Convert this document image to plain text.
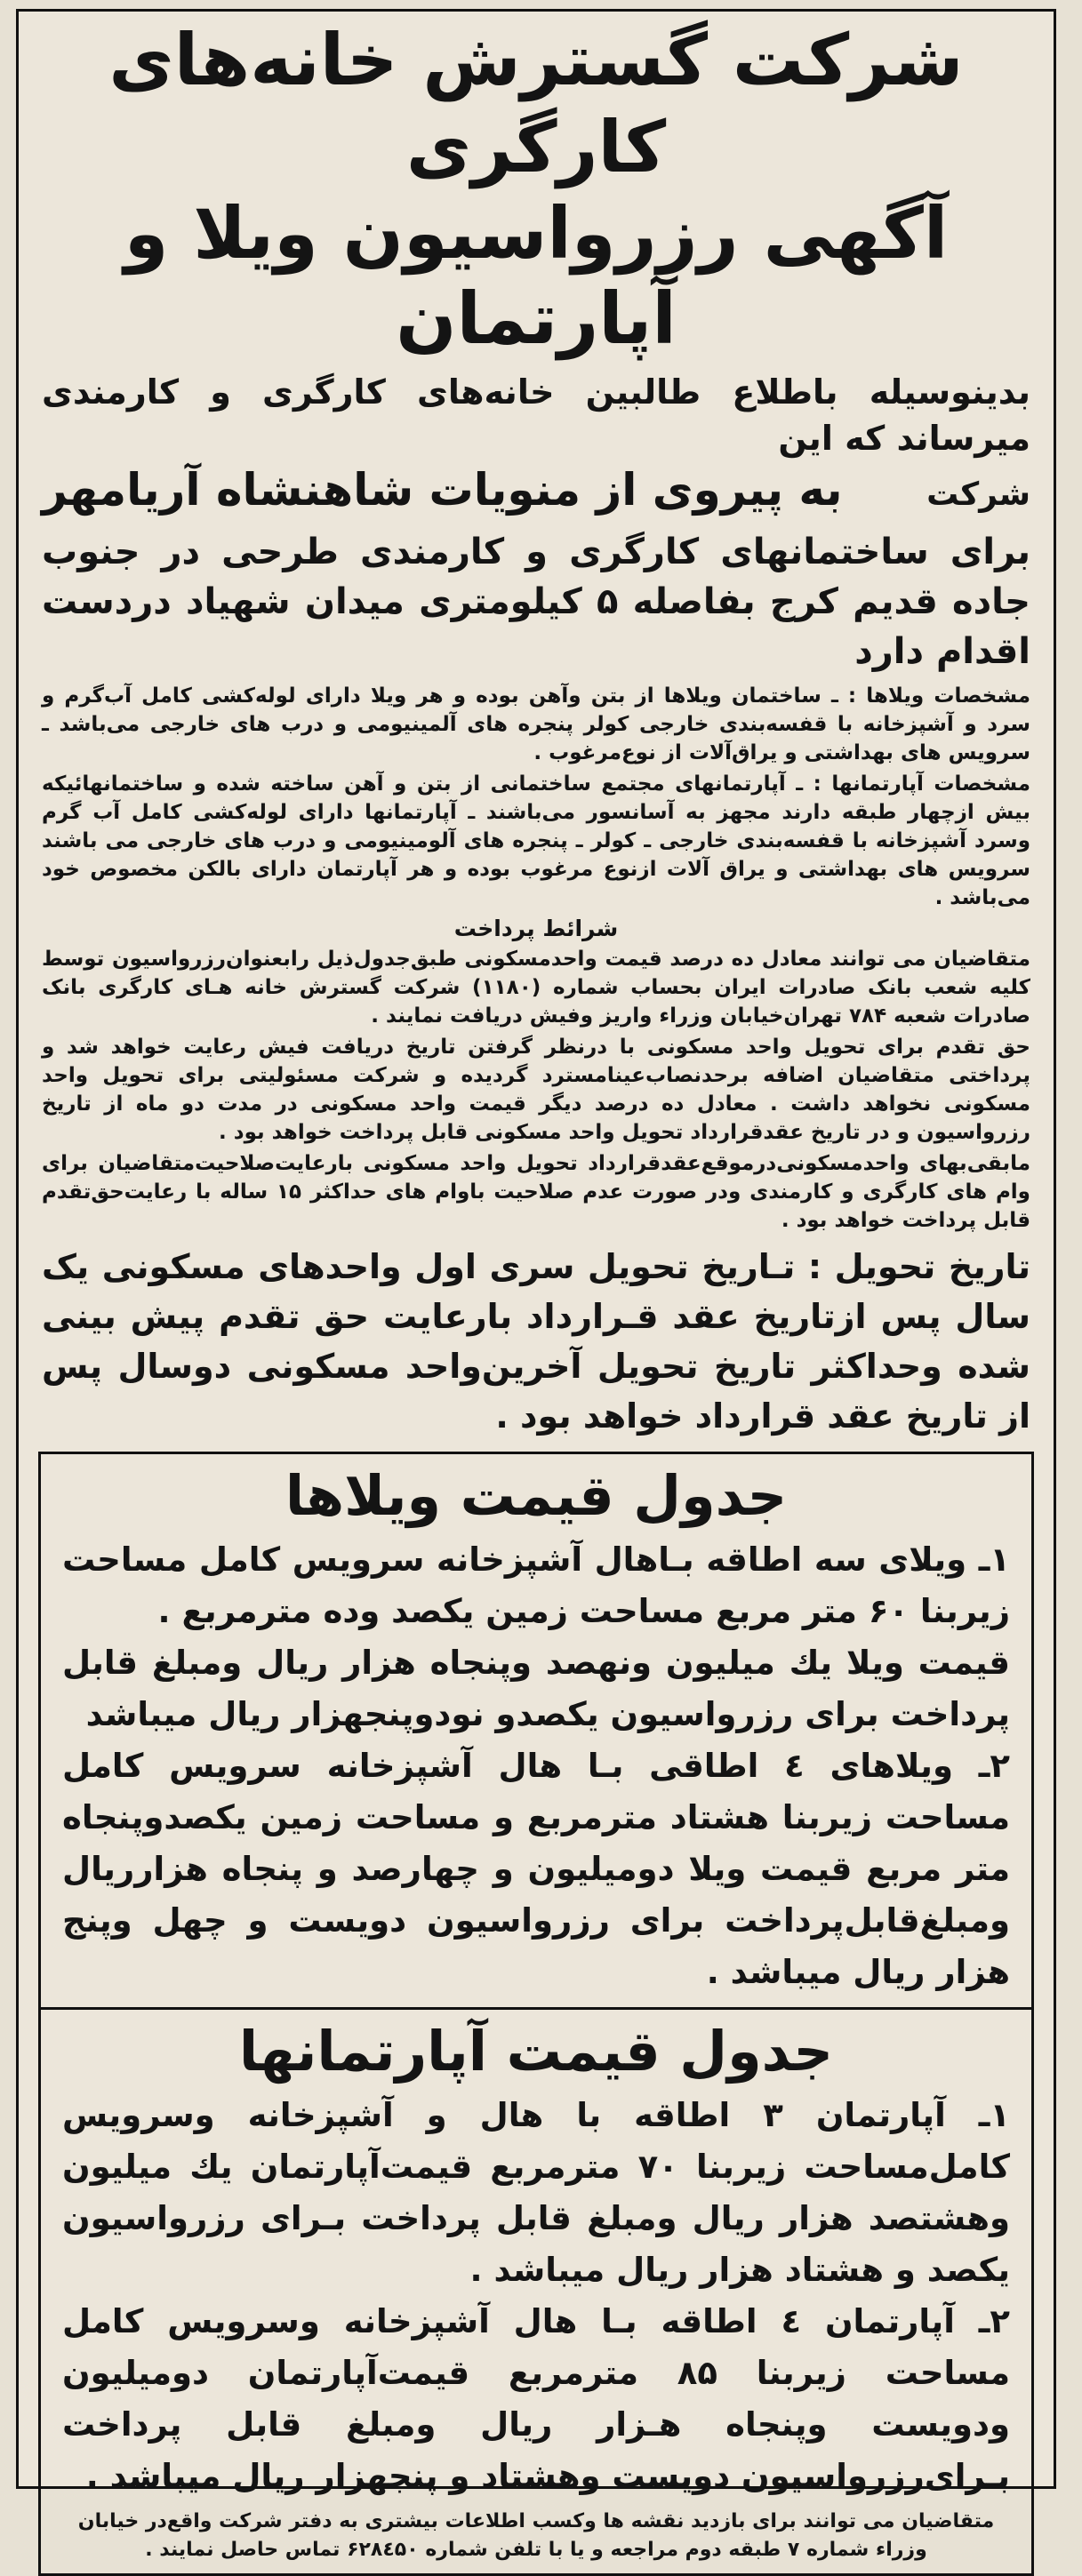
شرکت گسترش خانه‌های کارگری
آگهی رزرواسیون ویلا و آپارتمان

بدینوسیله باطلاع طالبین خانه‌های کارگری و کارمندی میرساند که این

شرکت
به پیروی از منویات شاهنشاه آریامهر

برای ساختمانهای کارگری و کارمندی طرحی در جنوب جاده قدیم کرج بفاصله ۵ کیلومتری میدان شهیاد دردست اقدام دارد

مشخصات ویلاها : ـ ساختمان ویلاها از بتن وآهن بوده و هر ویلا دارای لوله‌کشی کامل آب‌گرم و سرد و آشپزخانه با قفسه‌بندی خارجی کولر پنجره های آلمینیومی و درب های خارجی می‌باشد ـ سرویس های بهداشتی و یراق‌آلات از نوع‌مرغوب .

مشخصات آپارتمانها : ـ آپارتمانهای مجتمع ساختمانی از بتن و آهن ساخته شده و ساختمانهائیکه بیش ازچهار طبقه دارند مجهز به آسانسور می‌باشند ـ آپارتمانها دارای لوله‌کشی کامل آب گرم وسرد آشپزخانه با قفسه‌بندی خارجی ـ کولر ـ پنجره های آلومینیومی و درب های خارجی می باشند سرویس های بهداشتی و یراق آلات ازنوع مرغوب بوده و هر آپارتمان دارای بالکن مخصوص خود می‌باشد .

شرائط پرداخت

متقاضیان می توانند معادل ده درصد قیمت واحدمسکونی طبق‌جدول‌ذیل رابعنوان‌رزرواسیون توسط کلیه شعب بانک صادرات ایران بحساب شماره (۱۱۸۰) شرکت گسترش خانه هـای کارگری بانک صادرات شعبه ۷۸۴ تهران‌خیابان وزراء واریز وفیش دریافت نمایند .

حق تقدم برای تحویل واحد مسکونی با درنظر گرفتن تاریخ دریافت فیش رعایت خواهد شد و پرداختی متقاضیان اضافه برحدنصاب‌عینامسترد گردیده و شرکت مسئولیتی برای تحویل واحد مسکونی نخواهد داشت . معادل ده درصد دیگر قیمت واحد مسکونی در مدت دو ماه از تاریخ رزرواسیون و در تاریخ عقدقرارداد تحویل واحد مسکونی قابل پرداخت خواهد بود .

مابقی‌بهای واحدمسکونی‌درموقع‌عقدقرارداد تحویل واحد مسکونی بارعایت‌صلاحیت‌متقاضیان برای وام های کارگری و کارمندی ودر صورت عدم صلاحیت باوام های حداکثر ۱۵ ساله با رعایت‌حق‌تقدم قابل پرداخت خواهد بود .

تاریخ تحویل : تـاریخ تحویل سری اول واحدهای مسکونی یک سال پس ازتاریخ عقد قـرارداد بارعایت حق تقدم پیش بینی شده وحداکثر تاریخ تحویل آخرین‌واحد مسکونی دوسال پس از تاریخ عقد قرارداد خواهد بود .

جدول قیمت ویلاها

۱ـ ویلای سه اطاقه بـاهال آشپزخانه سرویس کامل مساحت زیربنا ۶۰ متر مربع مساحت زمین یکصد وده مترمربع .

قیمت ویلا یك میلیون ونهصد وپنجاه هزار ریال ومبلغ قابل پرداخت برای رزرواسیون یکصدو نودوپنجهزار ریال میباشد

۲ـ ویلاهای ٤ اطاقی بـا هال آشپزخانه سرویس کامل مساحت زیربنا هشتاد مترمربع و مساحت زمین یکصدوپنجاه متر مربع قیمت ویلا دومیلیون و چهارصد و پنجاه هزارریال ومبلغ‌قابل‌پرداخت برای رزرواسیون دویست و چهل وپنج هزار ریال میباشد .

جدول قیمت آپارتمانها

۱ـ آپارتمان ۳ اطاقه با هال و آشپزخانه وسرویس کامل‌مساحت زیربنا ۷۰ مترمربع قیمت‌آپارتمان یك میلیون وهشتصد هزار ریال ومبلغ قابل پرداخت بـرای رزرواسیون یکصد و هشتاد هزار ریال میباشد .

۲ـ آپارتمان ٤ اطاقه بـا هال آشپزخانه وسرویس کامل مساحت زیربنا ۸۵ مترمربع قیمت‌آپارتمان دومیلیون ودویست وپنجاه هـزار ریال ومبلغ قابل پرداخت بـرای‌رزرواسیون دویست وهشتاد و پنجهزار ریال میباشد .

متقاضیان می توانند برای بازدید نقشه ها وکسب اطلاعات بیشتری به دفتر شرکت واقع‌در خیابان وزراء شماره ۷ طبقه دوم مراجعه و یا با تلفن شماره ۶۲۸٤۵۰ تماس حاصل نمایند .
